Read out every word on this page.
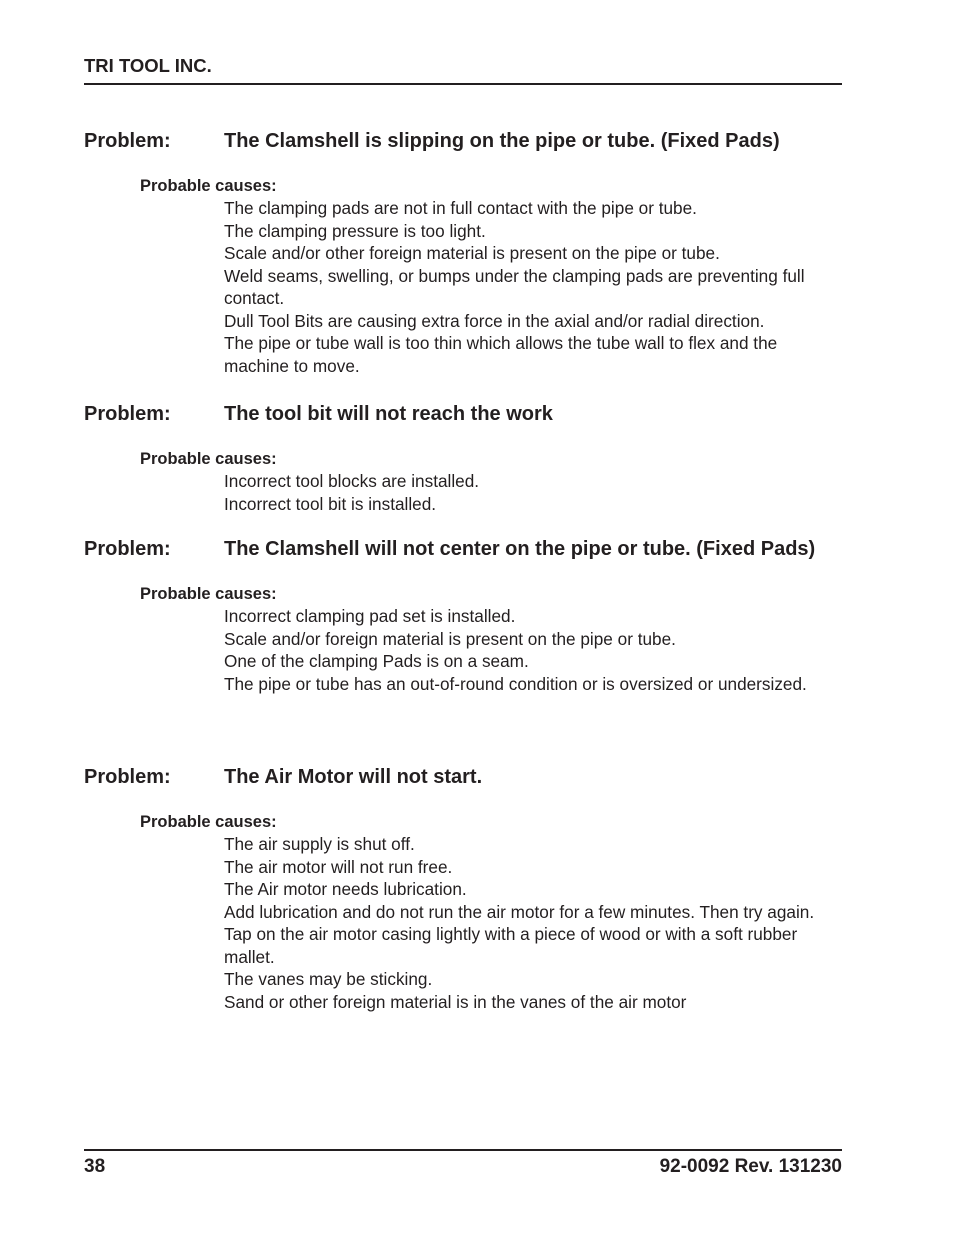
TRI TOOL INC.
Problem:	The Clamshell is slipping on the pipe or tube. (Fixed Pads)
Probable causes:
The clamping pads are not in full contact with the pipe or tube.
The clamping pressure is too light.
Scale and/or other foreign material is present on the pipe or tube.
Weld seams, swelling, or bumps under the clamping pads are preventing full contact.
Dull Tool Bits are causing extra force in the axial and/or radial direction.
The pipe or tube wall is too thin which allows the tube wall to flex and the machine to move.
Problem:	The tool bit will not reach the work
Probable causes:
Incorrect tool blocks are installed.
Incorrect tool bit is installed.
Problem:	The Clamshell will not center on the pipe or tube. (Fixed Pads)
Probable causes:
Incorrect clamping pad set is installed.
Scale and/or foreign material is present on the pipe or tube.
One of the clamping Pads is on a seam.
The pipe or tube has an out-of-round condition or is oversized or undersized.
Problem:	The Air Motor will not start.
Probable causes:
The air supply is shut off.
The air motor will not run free.
The Air motor needs lubrication.
Add lubrication and do not run the air motor for a few minutes. Then try again.
Tap on the air motor casing lightly with a piece of wood or with a soft rubber mallet.
The vanes may be sticking.
Sand or other foreign material is in the vanes of the air motor
38	92-0092 Rev. 131230
